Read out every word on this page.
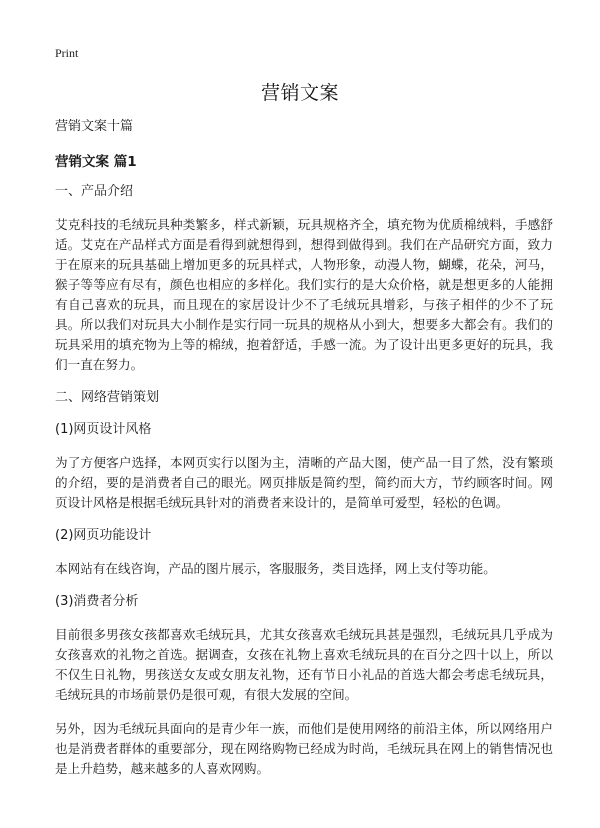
Print
营销文案
营销文案十篇
营销文案 篇1
一、产品介绍

艾克科技的毛绒玩具种类繁多，样式新颖，玩具规格齐全，填充物为优质棉绒料，手感舒适。艾克在产品样式方面是看得到就想得到，想得到做得到。我们在产品研究方面，致力于在原来的玩具基础上增加更多的玩具样式，人物形象，动漫人物，蝴蝶，花朵，河马，猴子等等应有尽有，颜色也相应的多样化。我们实行的是大众价格，就是想更多的人能拥有自己喜欢的玩具，而且现在的家居设计少不了毛绒玩具增彩，与孩子相伴的少不了玩具。所以我们对玩具大小制作是实行同一玩具的规格从小到大，想要多大都会有。我们的玩具采用的填充物为上等的棉绒，抱着舒适，手感一流。为了设计出更多更好的玩具，我们一直在努力。

二、网络营销策划
(1)网页设计风格

为了方便客户选择，本网页实行以图为主，清晰的产品大图，使产品一目了然，没有繁琐的介绍，要的是消费者自己的眼光。网页排版是简约型，简约而大方，节约顾客时间。网页设计风格是根据毛绒玩具针对的消费者来设计的，是简单可爱型，轻松的色调。

(2)网页功能设计

本网站有在线咨询，产品的图片展示，客服服务，类目选择，网上支付等功能。

(3)消费者分析

目前很多男孩女孩都喜欢毛绒玩具，尤其女孩喜欢毛绒玩具甚是强烈，毛绒玩具几乎成为女孩喜欢的礼物之首选。据调查，女孩在礼物上喜欢毛绒玩具的在百分之四十以上，所以不仅生日礼物，男孩送女友或女朋友礼物，还有节日小礼品的首选大都会考虑毛绒玩具，毛绒玩具的市场前景仍是很可观，有很大发展的空间。

另外，因为毛绒玩具面向的是青少年一族，而他们是使用网络的前沿主体，所以网络用户也是消费者群体的重要部分，现在网络购物已经成为时尚，毛绒玩具在网上的销售情况也是上升趋势，越来越多的人喜欢网购。
